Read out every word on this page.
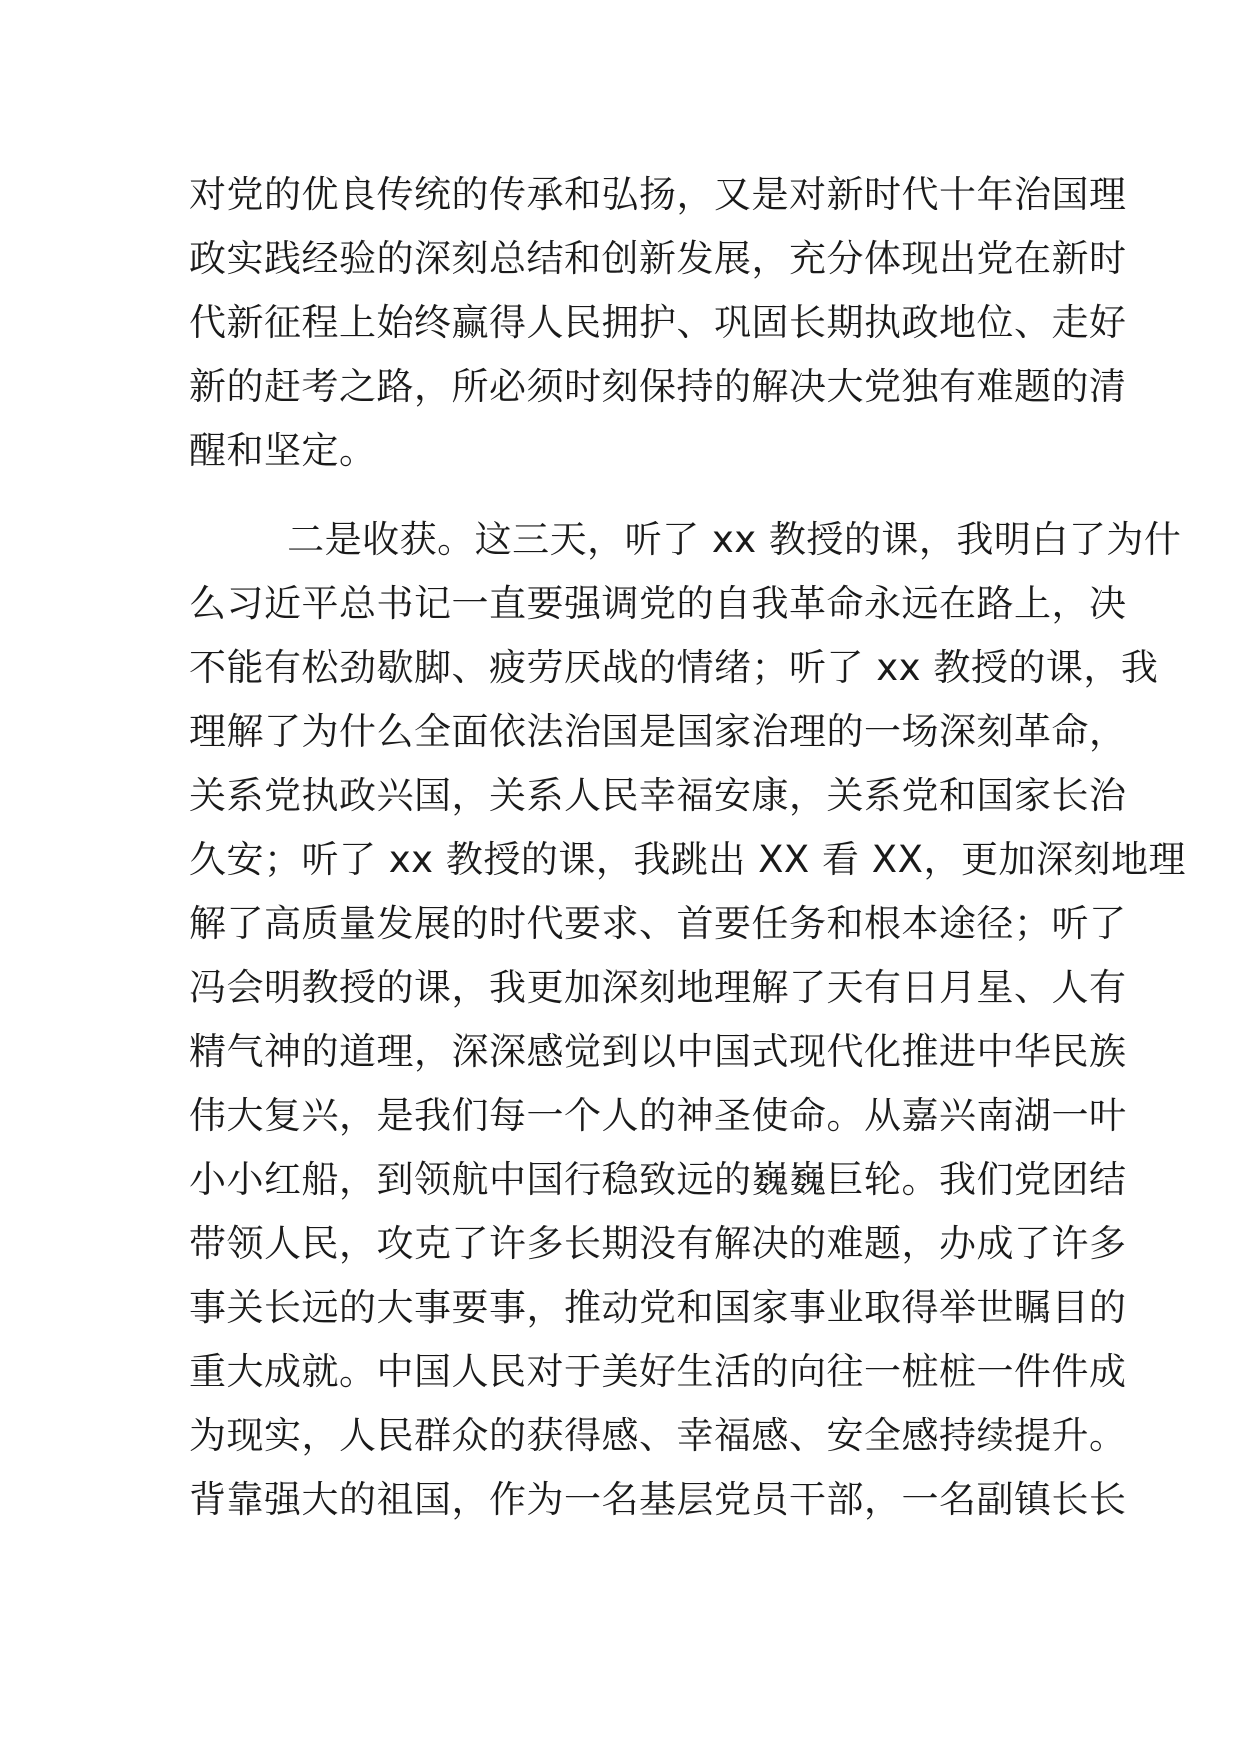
对党的优良传统的传承和弘扬，又是对新时代十年治国理
政实践经验的深刻总结和创新发展，充分体现出党在新时
代新征程上始终赢得人民拥护、巩固长期执政地位、走好
新的赶考之路，所必须时刻保持的解决大党独有难题的清
醒和坚定。
二是收获。这三天，听了 xx 教授的课，我明白了为什
么习近平总书记一直要强调党的自我革命永远在路上，决
不能有松劲歇脚、疲劳厌战的情绪；听了 xx 教授的课，我
理解了为什么全面依法治国是国家治理的一场深刻革命，
关系党执政兴国，关系人民幸福安康，关系党和国家长治
久安；听了 xx 教授的课，我跳出 XX 看 XX，更加深刻地理
解了高质量发展的时代要求、首要任务和根本途径；听了
冯会明教授的课，我更加深刻地理解了天有日月星、人有
精气神的道理，深深感觉到以中国式现代化推进中华民族
伟大复兴，是我们每一个人的神圣使命。从嘉兴南湖一叶
小小红船，到领航中国行稳致远的巍巍巨轮。我们党团结
带领人民，攻克了许多长期没有解决的难题，办成了许多
事关长远的大事要事，推动党和国家事业取得举世瞩目的
重大成就。中国人民对于美好生活的向往一桩桩一件件成
为现实，人民群众的获得感、幸福感、安全感持续提升。
背靠强大的祖国，作为一名基层党员干部，一名副镇长长
